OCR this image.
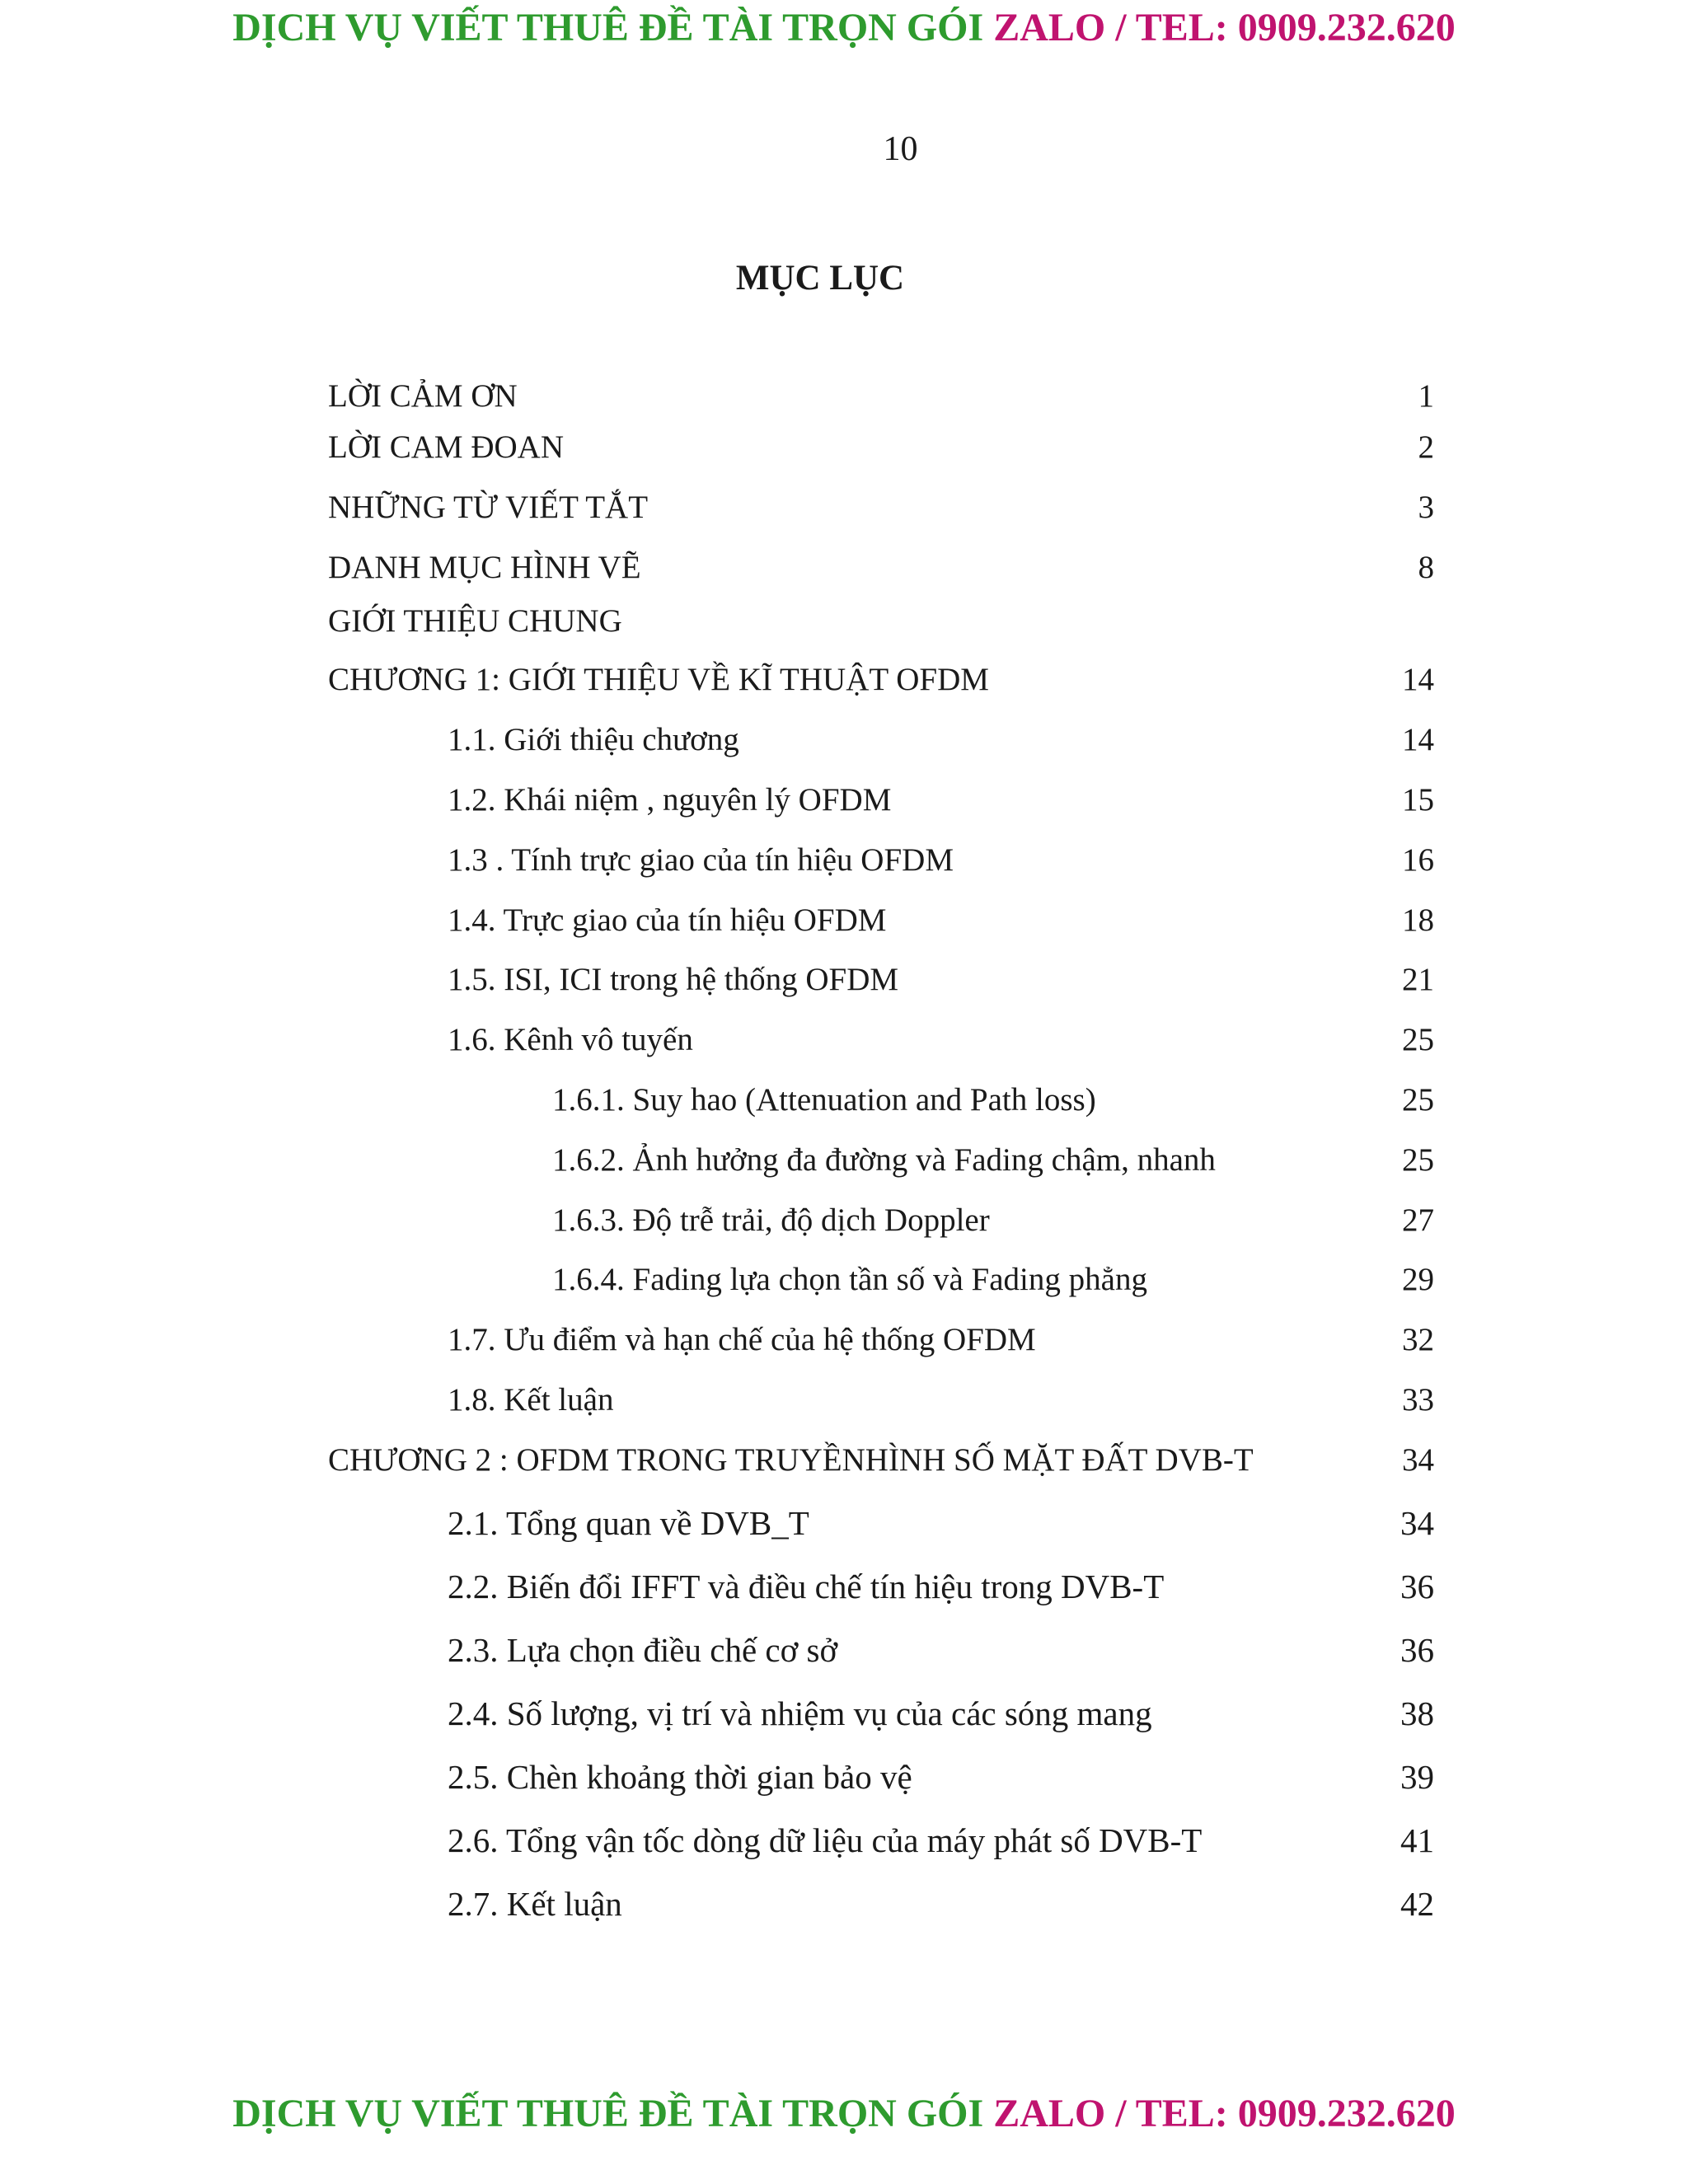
DỊCH VỤ VIẾT THUÊ ĐỀ TÀI TRỌN GÓI ZALO / TEL: 0909.232.620
10
MỤC LỤC
LỜI CẢM ƠN	1
LỜI CAM ĐOAN	2
NHỮNG TỪ VIẾT TẮT	3
DANH MỤC HÌNH VẼ	8
GIỚI THIỆU CHUNG
CHƯƠNG 1: GIỚI THIỆU VỀ KĨ THUẬT OFDM	14
1.1. Giới thiệu chương	14
1.2. Khái niệm , nguyên lý OFDM	15
1.3 . Tính trực giao của tín hiệu OFDM	16
1.4. Trực giao của tín hiệu OFDM	18
1.5. ISI, ICI trong hệ thống OFDM	21
1.6. Kênh vô tuyến	25
1.6.1. Suy hao (Attenuation and Path loss)	25
1.6.2. Ảnh hưởng đa đường và Fading chậm, nhanh	25
1.6.3. Độ trễ trải, độ dịch Doppler	27
1.6.4. Fading lựa chọn tần số và Fading phẳng	29
1.7. Ưu điểm và hạn chế của hệ thống OFDM	32
1.8. Kết luận	33
CHƯƠNG 2 : OFDM TRONG TRUYỀNHÌNH SỐ MẶT ĐẤT DVB-T	34
2.1. Tổng quan về DVB_T	34
2.2. Biến đổi IFFT và điều chế tín hiệu trong DVB-T	36
2.3. Lựa chọn điều chế cơ sở	36
2.4. Số lượng, vị trí và nhiệm vụ của các sóng mang	38
2.5. Chèn khoảng thời gian bảo vệ	39
2.6. Tổng vận tốc dòng dữ liệu của máy phát số DVB-T	41
2.7. Kết luận	42
DỊCH VỤ VIẾT THUÊ ĐỀ TÀI TRỌN GÓI ZALO / TEL: 0909.232.620
